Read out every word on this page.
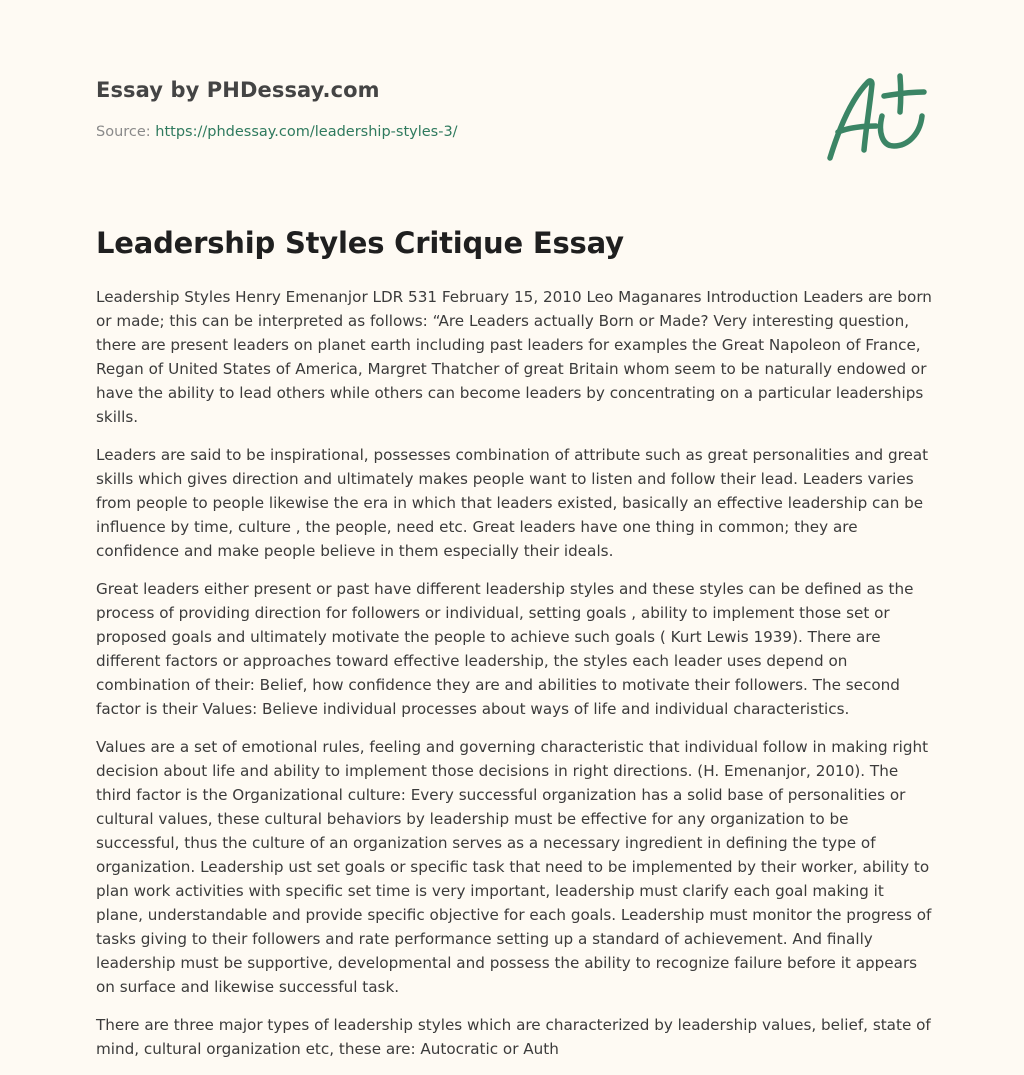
Essay by PHDessay.com
Source: https://phdessay.com/leadership-styles-3/
Leadership Styles Critique Essay

Leadership Styles Henry Emenanjor LDR 531 February 15, 2010 Leo Maganares Introduction Leaders are born or made; this can be interpreted as follows: “Are Leaders actually Born or Made? Very interesting question, there are present leaders on planet earth including past leaders for examples the Great Napoleon of France, Regan of United States of America, Margret Thatcher of great Britain whom seem to be naturally endowed or have the ability to lead others while others can become leaders by concentrating on a particular leaderships skills.

Leaders are said to be inspirational, possesses combination of attribute such as great personalities and great skills which gives direction and ultimately makes people want to listen and follow their lead. Leaders varies from people to people likewise the era in which that leaders existed, basically an effective leadership can be influence by time, culture , the people, need etc. Great leaders have one thing in common; they are confidence and make people believe in them especially their ideals.

Great leaders either present or past have different leadership styles and these styles can be defined as the process of providing direction for followers or individual, setting goals , ability to implement those set or proposed goals and ultimately motivate the people to achieve such goals ( Kurt Lewis 1939). There are different factors or approaches toward effective leadership, the styles each leader uses depend on combination of their: Belief, how confidence they are and abilities to motivate their followers. The second factor is their Values: Believe individual processes about ways of life and individual characteristics.

Values are a set of emotional rules, feeling and governing characteristic that individual follow in making right decision about life and ability to implement those decisions in right directions. (H. Emenanjor, 2010). The third factor is the Organizational culture: Every successful organization has a solid base of personalities or cultural values, these cultural behaviors by leadership must be effective for any organization to be successful, thus the culture of an organization serves as a necessary ingredient in defining the type of organization. Leadership ust set goals or specific task that need to be implemented by their worker, ability to plan work activities with specific set time is very important, leadership must clarify each goal making it plane, understandable and provide specific objective for each goals. Leadership must monitor the progress of tasks giving to their followers and rate performance setting up a standard of achievement. And finally leadership must be supportive, developmental and possess the ability to recognize failure before it appears on surface and likewise successful task.

There are three major types of leadership styles which are characterized by leadership values, belief, state of mind, cultural organization etc, these are: Autocratic or Auth
